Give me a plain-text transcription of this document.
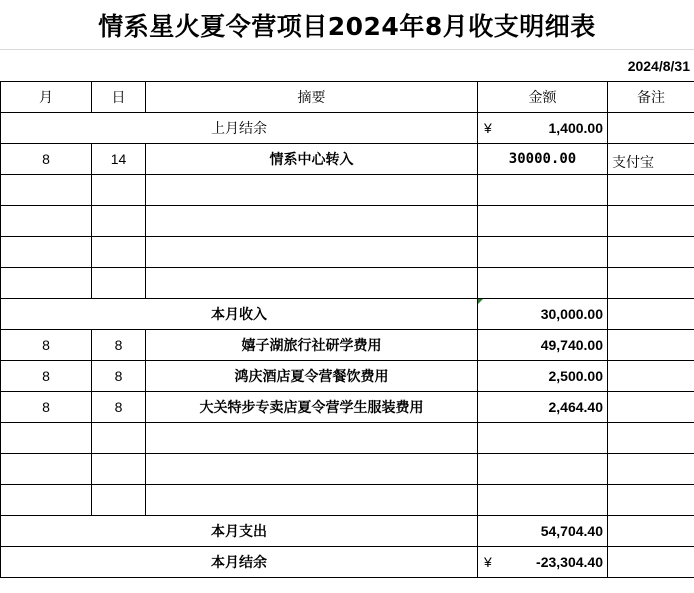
情系星火夏令营项目2024年8月收支明细表
2024/8/31
月	日	摘要	金额	备注
上月结余			¥ 1,400.00	

8	14	情系中心转入	30000.00	支付宝

本月收入			30,000.00	
8	8	嬉子湖旅行社研学费用	49,740.00	
8	8	鸿庆酒店夏令营餐饮费用	2,500.00	
8	8	大关特步专卖店夏令营学生服装费用	2,464.40	

本月支出			54,704.40	
本月结余			¥ -23,304.40	
